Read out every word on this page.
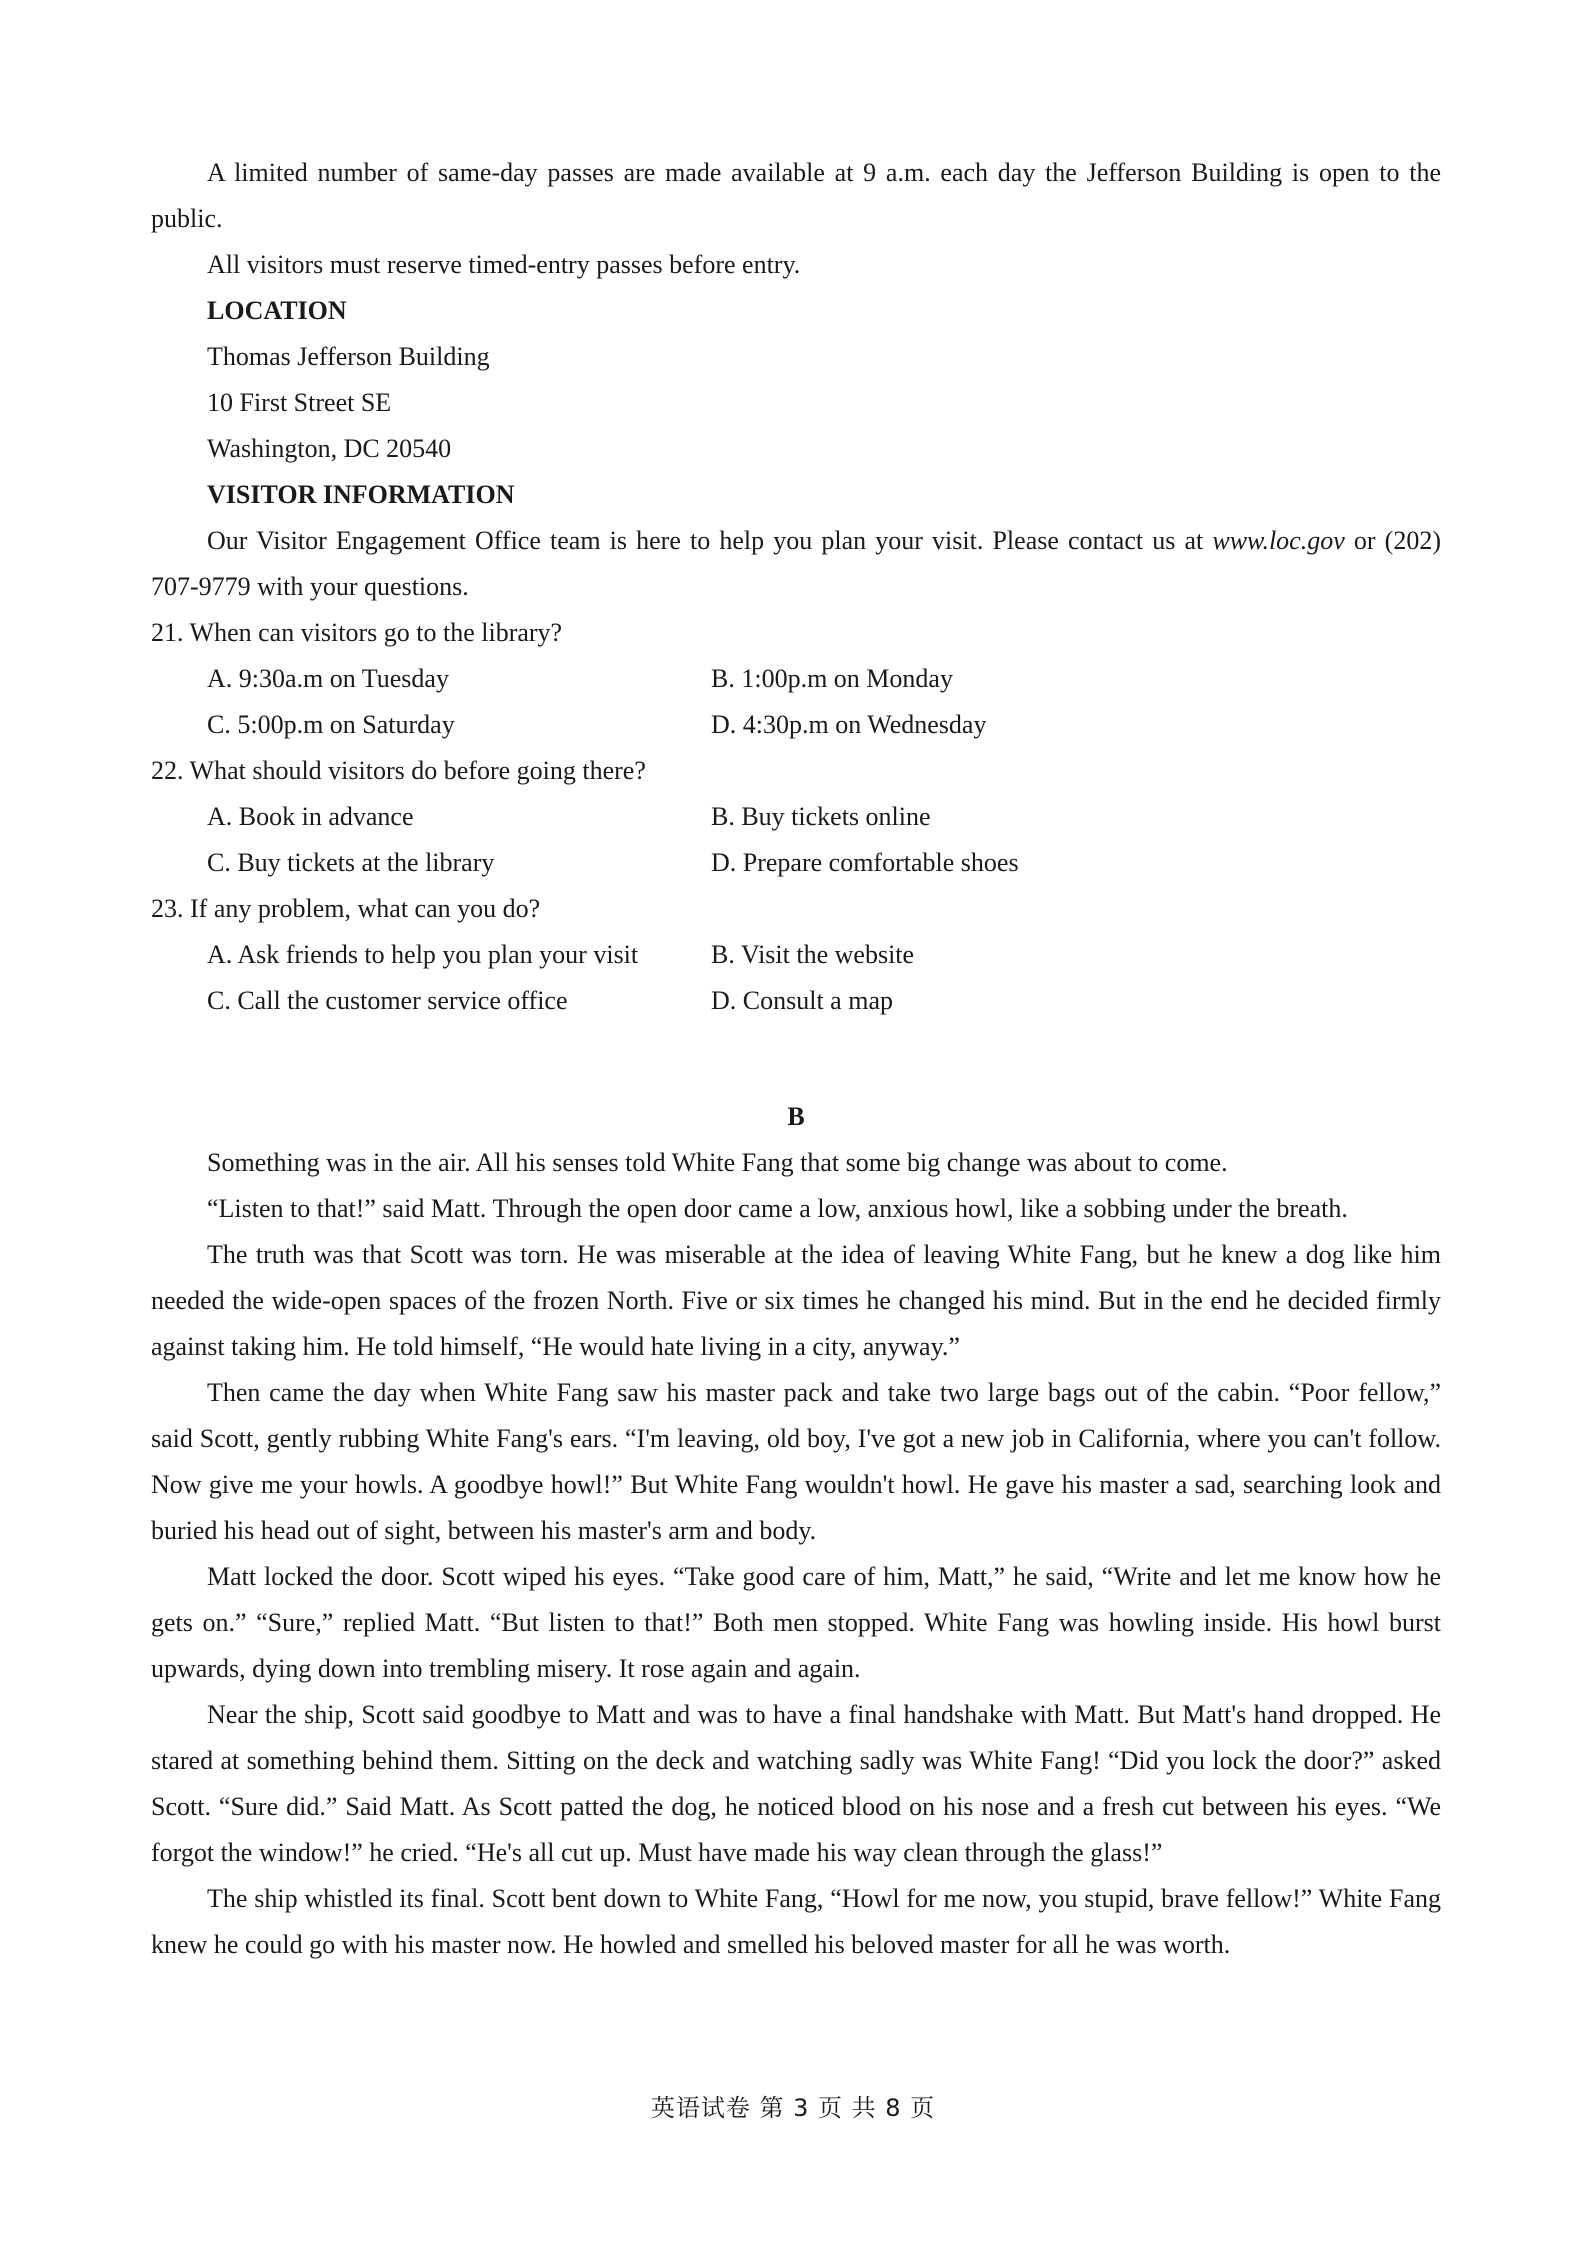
A limited number of same-day passes are made available at 9 a.m. each day the Jefferson Building is open to the public.

All visitors must reserve timed-entry passes before entry.

LOCATION

Thomas Jefferson Building

10 First Street SE

Washington, DC 20540

VISITOR INFORMATION

Our Visitor Engagement Office team is here to help you plan your visit. Please contact us at www.loc.gov or (202) 707-9779 with your questions.

21. When can visitors go to the library?

A. 9:30a.m on Tuesday	B. 1:00p.m on Monday
C. 5:00p.m on Saturday	D. 4:30p.m on Wednesday

22. What should visitors do before going there?

A. Book in advance	B. Buy tickets online
C. Buy tickets at the library	D. Prepare comfortable shoes

23. If any problem, what can you do?

A. Ask friends to help you plan your visit	B. Visit the website
C. Call the customer service office	D. Consult a map

B

Something was in the air. All his senses told White Fang that some big change was about to come.

“Listen to that!” said Matt. Through the open door came a low, anxious howl, like a sobbing under the breath.

The truth was that Scott was torn. He was miserable at the idea of leaving White Fang, but he knew a dog like him needed the wide-open spaces of the frozen North. Five or six times he changed his mind. But in the end he decided firmly against taking him. He told himself, “He would hate living in a city, anyway.”

Then came the day when White Fang saw his master pack and take two large bags out of the cabin. “Poor fellow,” said Scott, gently rubbing White Fang's ears. “I'm leaving, old boy, I've got a new job in California, where you can't follow. Now give me your howls. A goodbye howl!” But White Fang wouldn't howl. He gave his master a sad, searching look and buried his head out of sight, between his master's arm and body.

Matt locked the door. Scott wiped his eyes. “Take good care of him, Matt,” he said, “Write and let me know how he gets on.” “Sure,” replied Matt. “But listen to that!” Both men stopped. White Fang was howling inside. His howl burst upwards, dying down into trembling misery. It rose again and again.

Near the ship, Scott said goodbye to Matt and was to have a final handshake with Matt. But Matt's hand dropped. He stared at something behind them. Sitting on the deck and watching sadly was White Fang! “Did you lock the door?” asked Scott. “Sure did.” Said Matt. As Scott patted the dog, he noticed blood on his nose and a fresh cut between his eyes. “We forgot the window!” he cried. “He's all cut up. Must have made his way clean through the glass!”

The ship whistled its final. Scott bent down to White Fang, “Howl for me now, you stupid, brave fellow!” White Fang knew he could go with his master now. He howled and smelled his beloved master for all he was worth.

英语试卷 第 3 页 共 8 页
